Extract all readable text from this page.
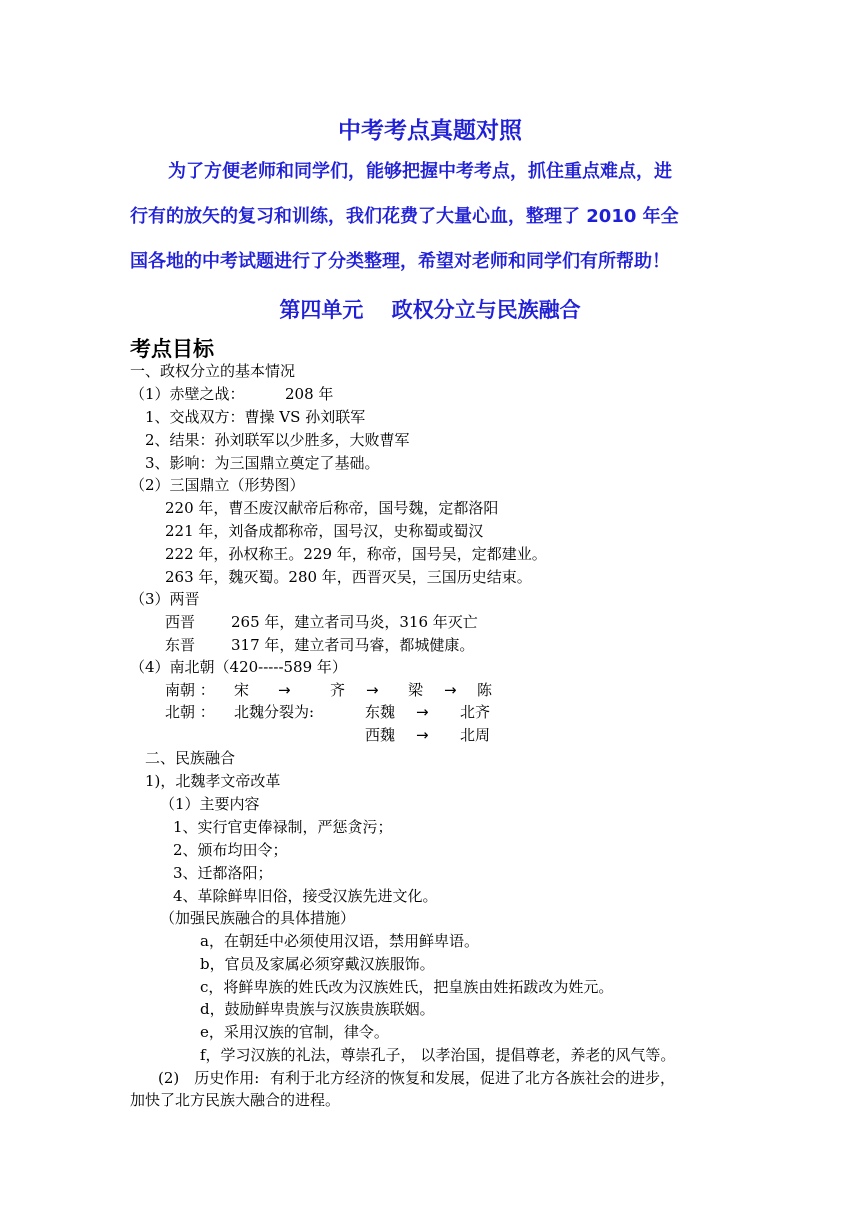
中考考点真题对照
为了方便老师和同学们，能够把握中考考点，抓住重点难点，进
行有的放矢的复习和训练，我们花费了大量心血，整理了 2010 年全
国各地的中考试题进行了分类整理，希望对老师和同学们有所帮助！
第四单元　 政权分立与民族融合
考点目标
一、政权分立的基本情况
（1）赤壁之战：	208 年
1、交战双方：曹操 VS 孙刘联军
2、结果：孙刘联军以少胜多，大败曹军
3、影响：为三国鼎立奠定了基础。
（2）三国鼎立（形势图）
220 年，曹丕废汉献帝后称帝，国号魏，定都洛阳
221 年，刘备成都称帝，国号汉，史称蜀或蜀汉
222 年，孙权称王。229 年，称帝，国号吴，定都建业。
263 年，魏灭蜀。280 年，西晋灭吴，三国历史结束。
（3）两晋
西晋 265 年，建立者司马炎，316 年灭亡
东晋 317 年，建立者司马睿，都城健康。
（4）南北朝（420-----589 年）
南朝 ： 宋 →	齐 → 梁 → 陈
北朝 ： 北魏分裂为:	东魏 → 北齐
西魏 → 北周
二、民族融合
1)，北魏孝文帝改革
（1）主要内容
1、实行官吏俸禄制，严惩贪污；
2、颁布均田令；
3、迁都洛阳；
4、革除鲜卑旧俗，接受汉族先进文化。
（加强民族融合的具体措施）
a，在朝廷中必须使用汉语，禁用鲜卑语。
b，官员及家属必须穿戴汉族服饰。
c，将鲜卑族的姓氏改为汉族姓氏，把皇族由姓拓跋改为姓元。
d，鼓励鲜卑贵族与汉族贵族联姻。
e，采用汉族的官制，律令。
f，学习汉族的礼法，尊崇孔子， 以孝治国，提倡尊老，养老的风气等。
(2)　历史作用: 有利于北方经济的恢复和发展，促进了北方各族社会的进步，
加快了北方民族大融合的进程。
